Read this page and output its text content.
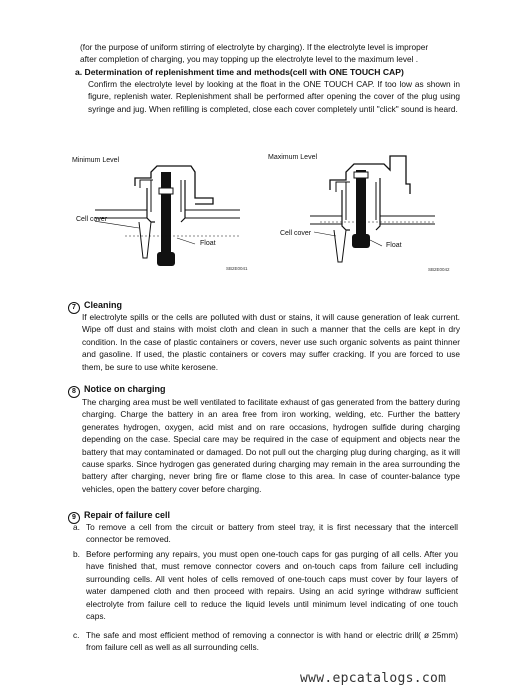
(for the purpose of uniform stirring of electrolyte by charging). If the electrolyte level is improper
after completion of charging, you may topping up the electrolyte level to the maximum level .
a. Determination of replenishment time and methods(cell with ONE TOUCH CAP)
Confirm the electrolyte level by looking at the float in the ONE TOUCH CAP. If too low as shown in figure, replenish water. Replenishment shall be performed after opening the cover of the plug using syringe and jug. When refilling is completed, close each cover completely until "click" sound is heard.
Minimum Level
Cell cover
Float
SB2E0041
Maximum Level
Cell cover
Float
SB2E0042
7 Cleaning
If electrolyte spills or the cells are polluted with dust or stains, it will cause generation of leak current. Wipe off dust and stains with moist cloth and clean in such a manner that the cells are kept in dry condition. In the case of plastic containers or covers, never use such organic solvents as paint thinner and gasoline. If used, the plastic containers or covers may suffer cracking. If you are forced to use them, be sure to use white kerosene.
8 Notice on charging
The charging area must be well ventilated to facilitate exhaust of gas generated from the battery during charging. Charge the battery in an area free from iron working, welding, etc. Further the battery generates hydrogen, oxygen, acid mist and on rare occasions, hydrogen sulfide during charging depending on the case. Special care may be required in the case of equipment and objects near the battery that may contaminated or damaged. Do not pull out the charging plug during charging, as it will cause sparks. Since hydrogen gas generated during charging may remain in the area surrounding the battery after charging, never bring fire or flame close to this area. In case of counter-balance type vehicles, open the battery cover before charging.
9 Repair of failure cell
a. To remove a cell from the circuit or battery from steel tray, it is first necessary that the intercell connector be removed.
b. Before performing any repairs, you must open one-touch caps for gas purging of all cells. After you have finished that, must remove connector covers and on-touch caps from failure cell including surrounding cells. All vent holes of cells removed of one-touch caps must cover by four layers of water dampened cloth and then proceed with repairs. Using an acid syringe withdraw sufficient electrolyte from failure cell to reduce the liquid levels until minimum level indicating of one touch caps.
c. The safe and most efficient method of removing a connector is with hand or electric drill( ø 25mm) from failure cell as well as all surrounding cells.
www.epcatalogs.com
